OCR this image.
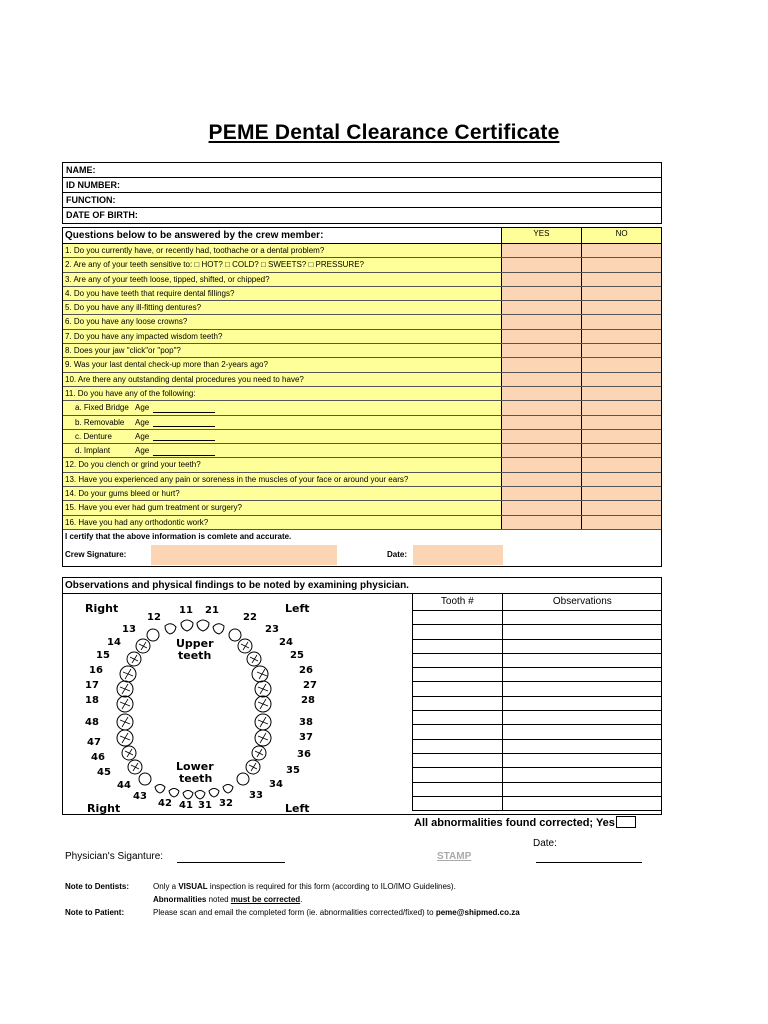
PEME Dental Clearance Certificate
NAME:
ID NUMBER:
FUNCTION:
DATE OF BIRTH:
Questions below to be answered by the crew member:	YES	NO
1. Do you currently have, or recently had, toothache or a dental problem?
2. Are any of your teeth sensitive to: □ HOT? □ COLD? □ SWEETS? □ PRESSURE?
3. Are any of your teeth loose, tipped, shifted, or chipped?
4. Do you have teeth that require dental fillings?
5. Do you have any ill-fitting dentures?
6. Do you have any loose crowns?
7. Do you have any impacted wisdom teeth?
8. Does your jaw "click"or "pop"?
9. Was your last dental check-up more than 2-years ago?
10. Are there any outstanding dental procedures you need to have?
11. Do you have any of the following:
a. Fixed Bridge Age
b. Removable Age
c. Denture	Age
d. Implant	Age
12. Do you clench or grind your teeth?
13. Have you experienced any pain or soreness in the muscles of your face or around your ears?
14. Do your gums bleed or hurt?
15. Have you ever had gum treatment or surgery?
16. Have you had any orthodontic work?
I certify that the above information is comlete and accurate.
Crew Signature:	Date:
Observations and physical findings to be noted by examining physician.
Right	Left
Right	Left
Upper
teeth
Lower
teeth
11 21
12	22
13	23
14	24
15	25
16	26
17	27
18	28
48	38
47	37
46	36
45	35
44	34
43	33
42 41 31 32
Tooth #	Observations
All abnormalities found corrected; Yes
Date:
Physician's Siganture:	STAMP
Note to Dentists:	Only a VISUAL inspection is required for this form (according to ILO/IMO Guidelines).
Abnormalities noted must be corrected.
Note to Patient:	Please scan and email the completed form (ie. abnormalities corrected/fixed) to peme@shipmed.co.za
